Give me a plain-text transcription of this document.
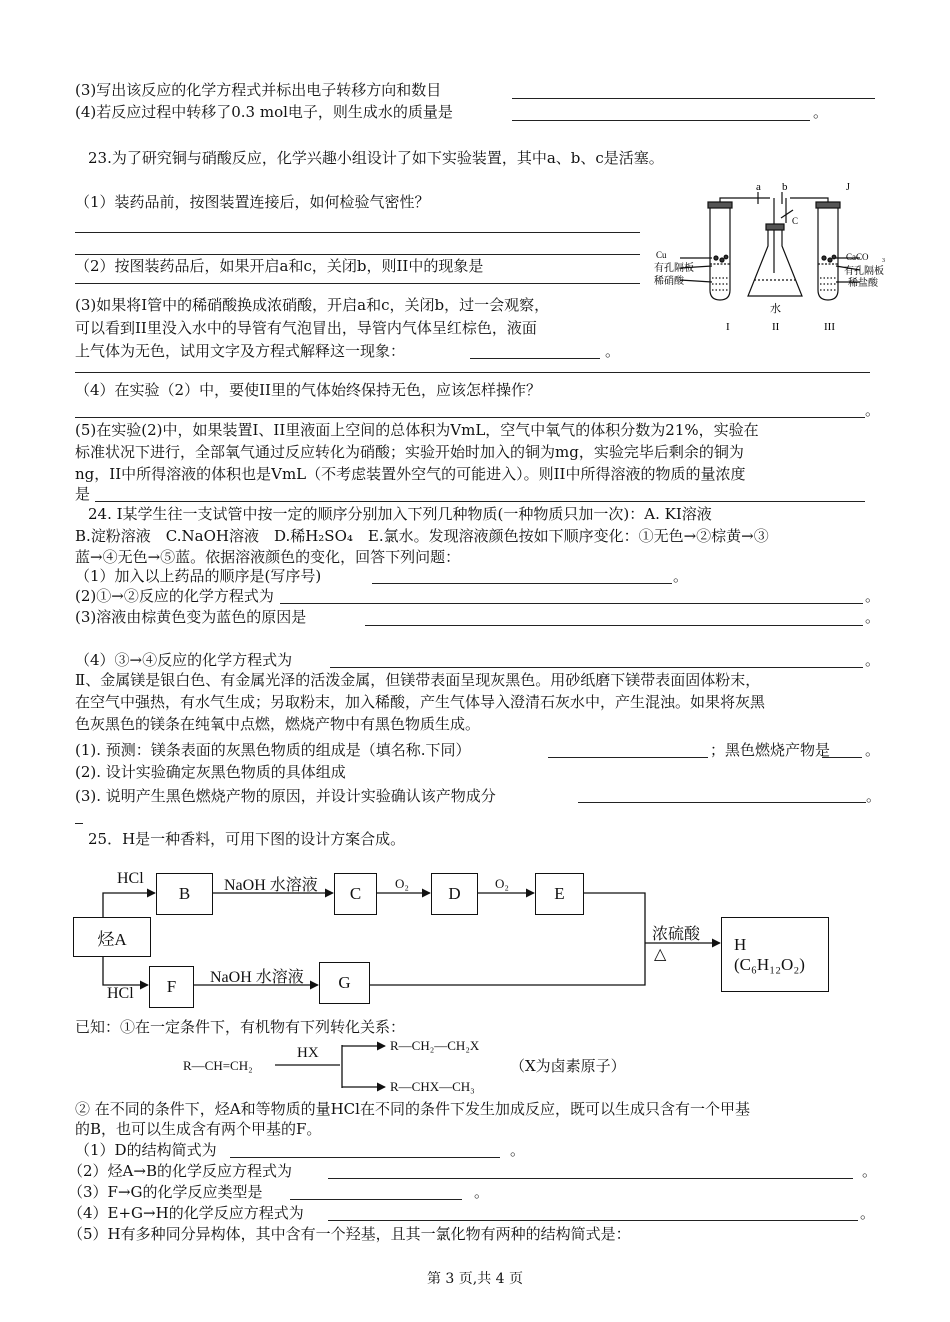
(3)写出该反应的化学方程式并标出电子转移方向和数目
(4)若反应过程中转移了0.3 mol电子，则生成水的质量是	。
23.为了研究铜与硝酸反应，化学兴趣小组设计了如下实验装置，其中a、b、c是活塞。
（1）装药品前，按图装置连接后，如何检验气密性？
（2）按图装药品后，如果开启a和c，关闭b，则II中的现象是
(3)如果将I管中的稀硝酸换成浓硝酸，开启a和c，关闭b，过一会观察，
可以看到II里没入水中的导管有气泡冒出，导管内气体呈红棕色，液面
上气体为无色，试用文字及方程式解释这一现象：	。
（4）在实验（2）中，要使II里的气体始终保持无色，应该怎样操作？
。
(5)在实验(2)中，如果装置I、II里液面上空间的总体积为VmL，空气中氧气的体积分数为21%，实验在
标准状况下进行，全部氧气通过反应转化为硝酸；实验开始时加入的铜为mg，实验完毕后剩余的铜为
ng，II中所得溶液的体积也是VmL（不考虑装置外空气的可能进入）。则II中所得溶液的物质的量浓度
是
a b
C
J
Cu
有孔隔板
稀硝酸
CaCO 3
有孔隔板
稀盐酸
水
I	II	III
24. Ⅰ某学生往一支试管中按一定的顺序分别加入下列几种物质(一种物质只加一次)：A. KI溶液
B.淀粉溶液　C.NaOH溶液　D.稀H₂SO₄　E.氯水。发现溶液颜色按如下顺序变化：①无色→②棕黄→③
蓝→④无色→⑤蓝。依据溶液颜色的变化，回答下列问题：
（1）加入以上药品的顺序是(写序号)	。
(2)①→②反应的化学方程式为	。
(3)溶液由棕黄色变为蓝色的原因是	。
（4）③→④反应的化学方程式为	。
Ⅱ、金属镁是银白色、有金属光泽的活泼金属，但镁带表面呈现灰黑色。用砂纸磨下镁带表面固体粉末，
在空气中强热，有水气生成；另取粉末，加入稀酸，产生气体导入澄清石灰水中，产生混浊。如果将灰黑
色灰黑色的镁条在纯氧中点燃，燃烧产物中有黑色物质生成。
(1). 预测：镁条表面的灰黑色物质的组成是（填名称.下同）	；黑色燃烧产物是 。
(2). 设计实验确定灰黑色物质的具体组成
(3). 说明产生黑色燃烧产物的原因，并设计实验确认该产物成分	。
25．H是一种香料，可用下图的设计方案合成。
烃A
B	C	D	E
F	G
H
(C₆H₁₂O₂)
HCl
HCl
NaOH 水溶液
NaOH 水溶液
O₂	O₂
浓硫酸
△
已知：①在一定条件下，有机物有下列转化关系：
R—CH=CH₂
HX	R—CH₂—CH₂X
R—CHX—CH₃
（X为卤素原子）
② 在不同的条件下，烃A和等物质的量HCl在不同的条件下发生加成反应，既可以生成只含有一个甲基
的B，也可以生成含有两个甲基的F。
（1）D的结构简式为	。
（2）烃A→B的化学反应方程式为	。
（3）F→G的化学反应类型是	。
（4）E+G→H的化学反应方程式为	。
（5）H有多种同分异构体，其中含有一个羟基，且其一氯化物有两种的结构简式是：
第 3 页,共 4 页
